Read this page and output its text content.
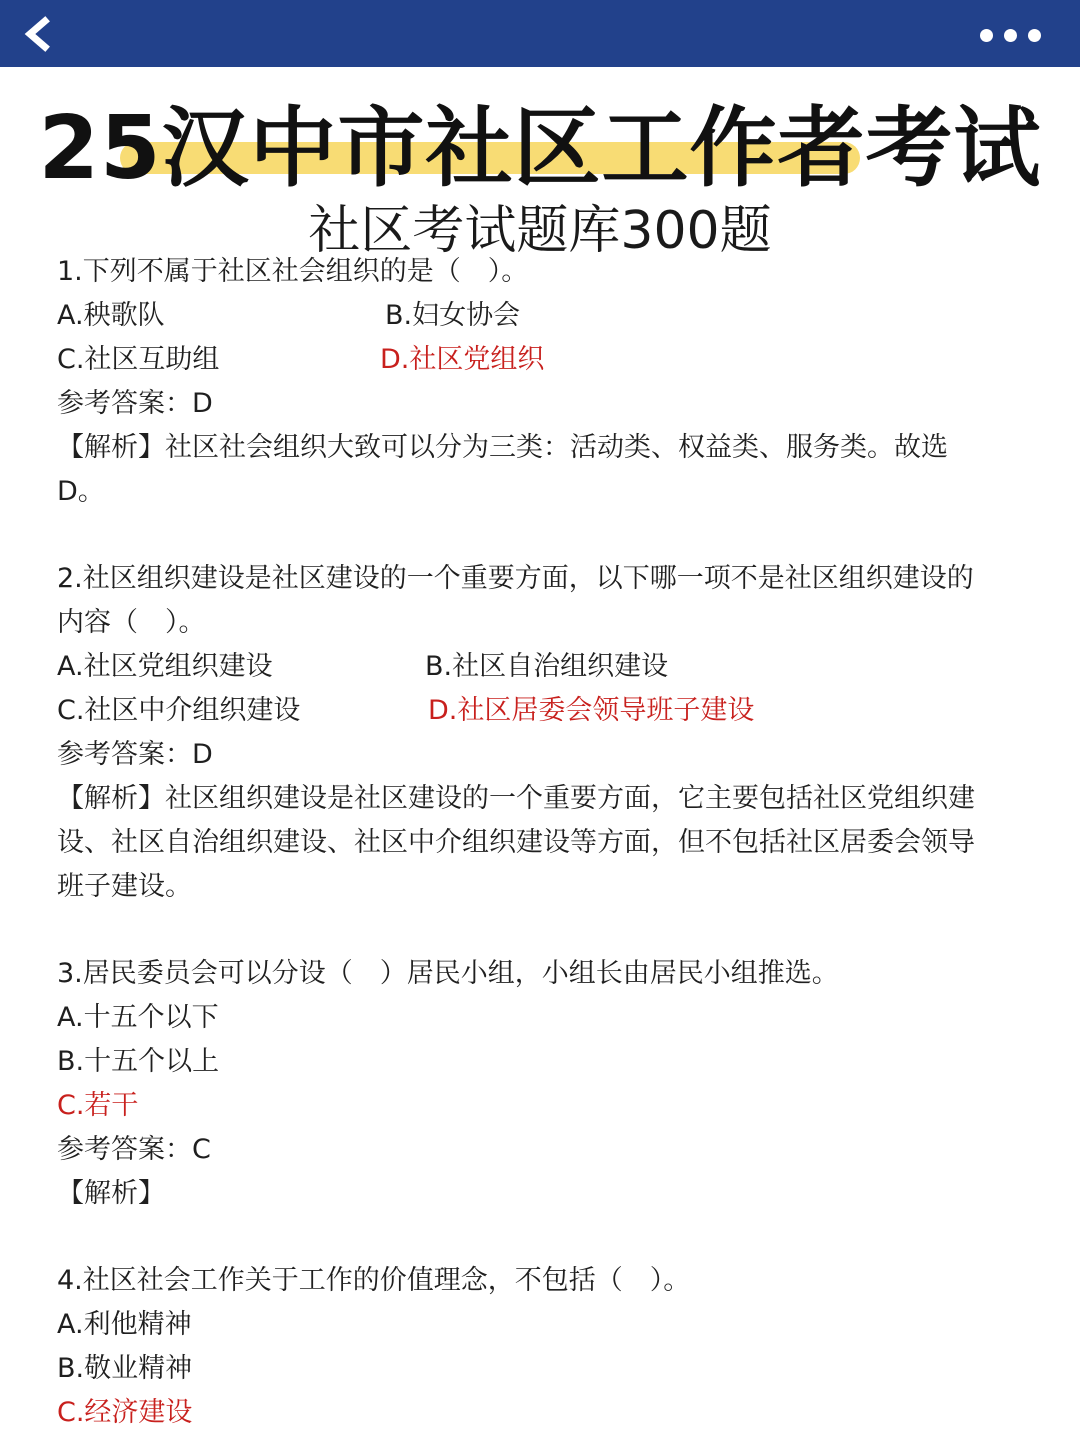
25汉中市社区工作者考试
社区考试题库300题
1.下列不属于社区社会组织的是（　）。
A.秧歌队	B.妇女协会
C.社区互助组	D.社区党组织
参考答案：D
【解析】社区社会组织大致可以分为三类：活动类、权益类、服务类。故选
D。
2.社区组织建设是社区建设的一个重要方面，以下哪一项不是社区组织建设的
内容（　）。
A.社区党组织建设	B.社区自治组织建设
C.社区中介组织建设	D.社区居委会领导班子建设
参考答案：D
【解析】社区组织建设是社区建设的一个重要方面，它主要包括社区党组织建
设、社区自治组织建设、社区中介组织建设等方面，但不包括社区居委会领导
班子建设。
3.居民委员会可以分设（　）居民小组，小组长由居民小组推选。
A.十五个以下
B.十五个以上
C.若干
参考答案：C
【解析】
4.社区社会工作关于工作的价值理念，不包括（　）。
A.利他精神
B.敬业精神
C.经济建设
